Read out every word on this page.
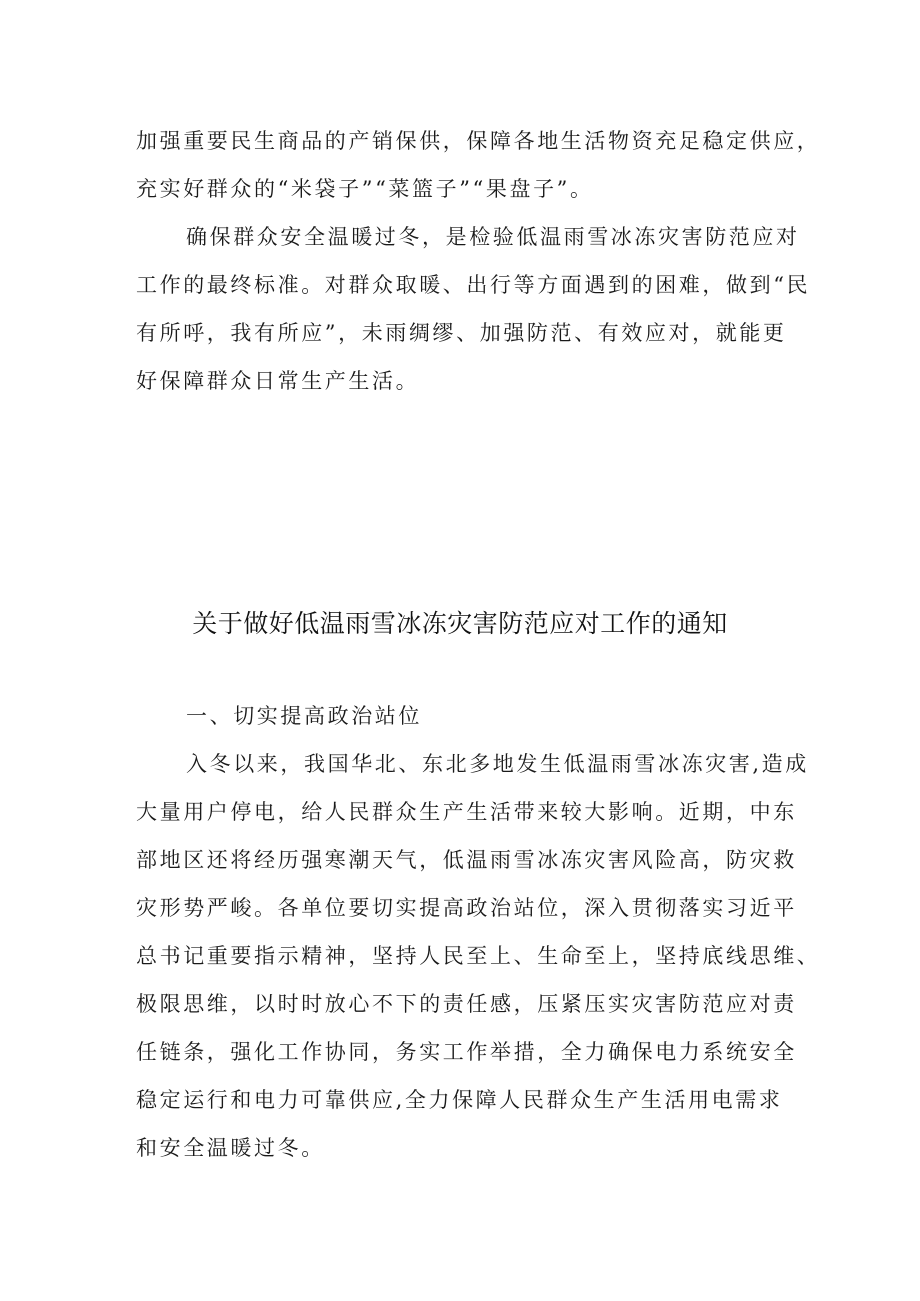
加强重要民生商品的产销保供，保障各地生活物资充足稳定供应，
充实好群众的“米袋子”“菜篮子”“果盘子”。
确保群众安全温暖过冬，是检验低温雨雪冰冻灾害防范应对
工作的最终标准。对群众取暖、出行等方面遇到的困难，做到“民
有所呼，我有所应”，未雨绸缪、加强防范、有效应对，就能更
好保障群众日常生产生活。
关于做好低温雨雪冰冻灾害防范应对工作的通知
一、切实提高政治站位
入冬以来，我国华北、东北多地发生低温雨雪冰冻灾害,造成
大量用户停电，给人民群众生产生活带来较大影响。近期，中东
部地区还将经历强寒潮天气，低温雨雪冰冻灾害风险高，防灾救
灾形势严峻。各单位要切实提高政治站位，深入贯彻落实习近平
总书记重要指示精神，坚持人民至上、生命至上，坚持底线思维、
极限思维，以时时放心不下的责任感，压紧压实灾害防范应对责
任链条，强化工作协同，务实工作举措，全力确保电力系统安全
稳定运行和电力可靠供应,全力保障人民群众生产生活用电需求
和安全温暖过冬。
